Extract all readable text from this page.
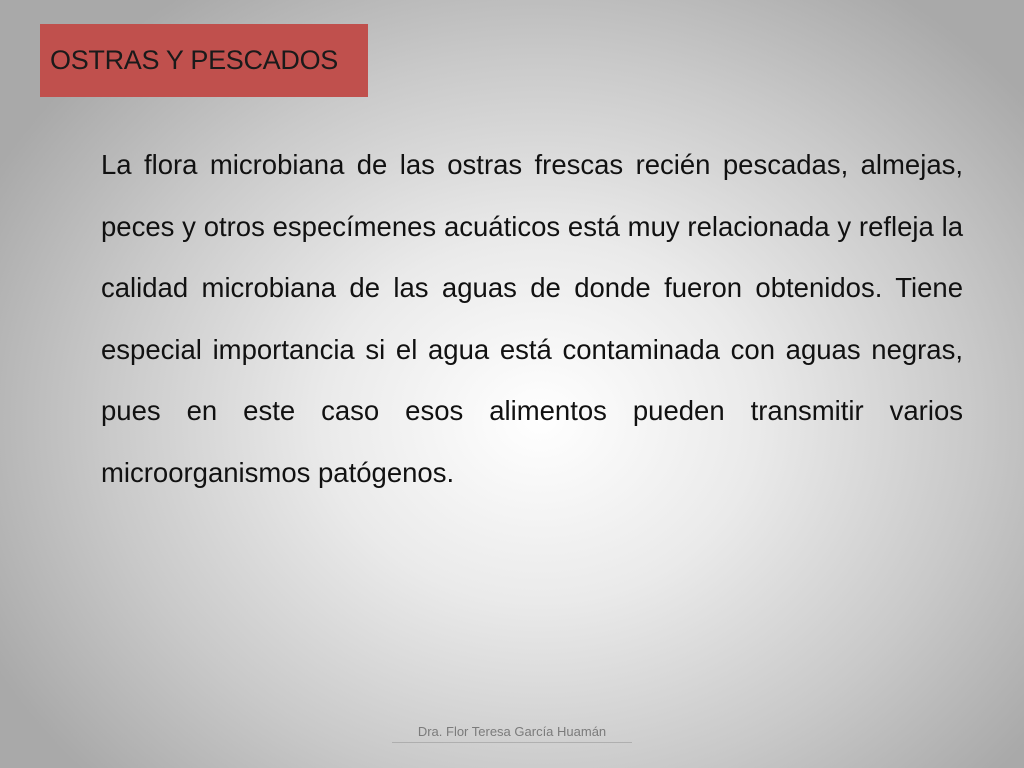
OSTRAS Y PESCADOS

La flora microbiana de las ostras frescas recién pescadas, almejas, peces y otros especímenes acuáticos está muy relacionada y refleja la calidad microbiana de las aguas de donde fueron obtenidos. Tiene especial importancia si el agua está contaminada con aguas negras, pues en este caso esos alimentos pueden transmitir varios microorganismos patógenos.

Dra. Flor Teresa García Huamán
